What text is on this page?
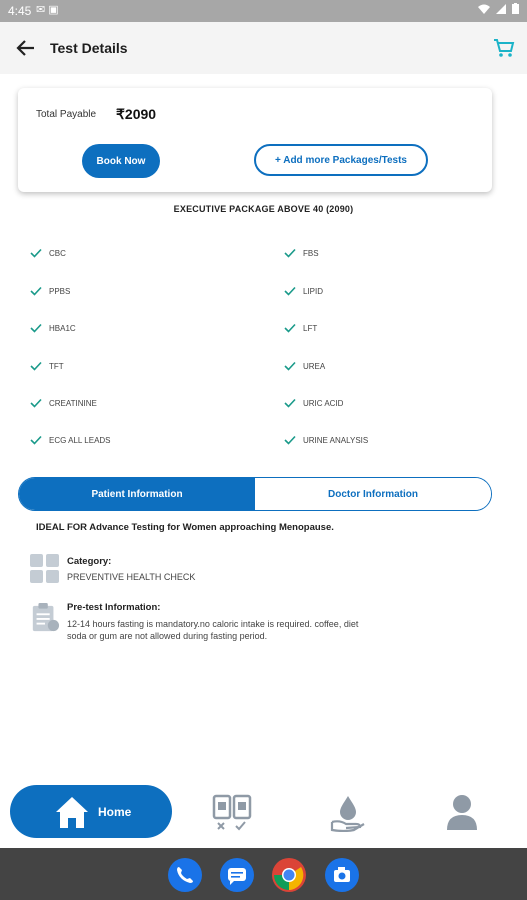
4:45 ✉ ▣
Test Details
Total Payable ₹2090
Book Now	+ Add more Packages/Tests
EXECUTIVE PACKAGE ABOVE 40 (2090)
CBC
PPBS
HBA1C
TFT
CREATININE
ECG ALL LEADS
FBS
LIPID
LFT
UREA
URIC ACID
URINE ANALYSIS
Patient Information	Doctor Information
IDEAL FOR Advance Testing for Women approaching Menopause.
Category:
PREVENTIVE HEALTH CHECK
Pre-test Information:
12-14 hours fasting is mandatory.no caloric intake is required. coffee, diet
soda or gum are not allowed during fasting period.
Home
